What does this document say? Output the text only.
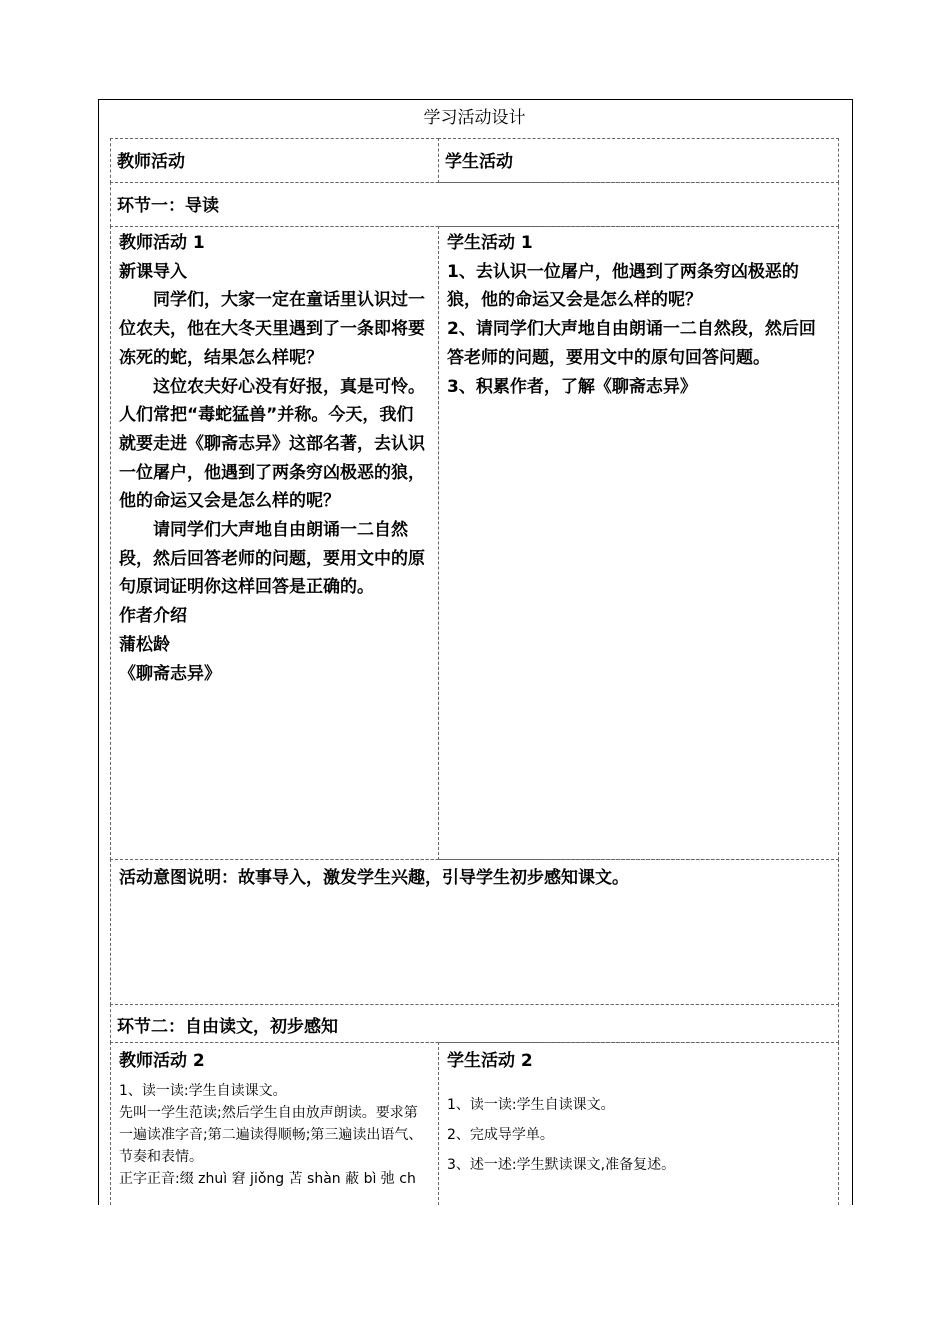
学习活动设计
教师活动	学生活动
环节一：导读

教师活动 1

新课导入

同学们，大家一定在童话里认识过一位农夫，他在大冬天里遇到了一条即将要冻死的蛇，结果怎么样呢？

这位农夫好心没有好报，真是可怜。人们常把“毒蛇猛兽”并称。今天，我们就要走进《聊斋志异》这部名著，去认识一位屠户，他遇到了两条穷凶极恶的狼，他的命运又会是怎么样的呢？

请同学们大声地自由朗诵一二自然段，然后回答老师的问题，要用文中的原句原词证明你这样回答是正确的。

作者介绍

蒲松龄

《聊斋志异》

学生活动 1

1、去认识一位屠户，他遇到了两条穷凶极恶的狼，他的命运又会是怎么样的呢？

2、请同学们大声地自由朗诵一二自然段，然后回答老师的问题，要用文中的原句回答问题。

3、积累作者，了解《聊斋志异》

活动意图说明：故事导入，激发学生兴趣，引导学生初步感知课文。

环节二：自由读文，初步感知

教师活动 2

1、读一读:学生自读课文。

先叫一学生范读;然后学生自由放声朗读。要求第一遍读准字音;第二遍读得顺畅;第三遍读出语气、节奏和表情。

正字正音:缀 zhuì 窘 jiǒng 苫 shàn 蔽 bì 弛 ch

学生活动 2

1、读一读:学生自读课文。

2、完成导学单。

3、述一述:学生默读课文,准备复述。
